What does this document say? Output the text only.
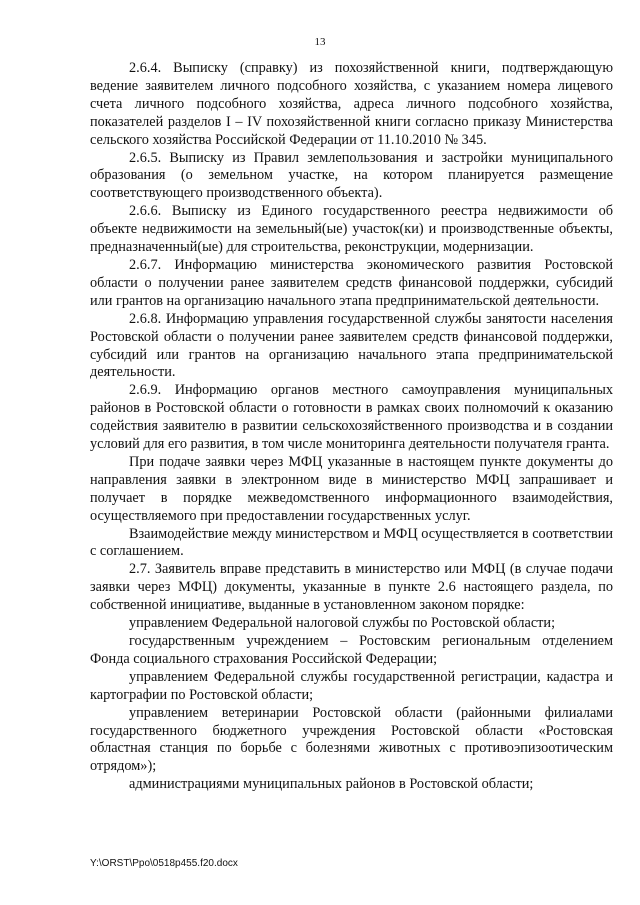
13

2.6.4. Выписку (справку) из похозяйственной книги, подтверждающую ведение заявителем личного подсобного хозяйства, с указанием номера лицевого счета личного подсобного хозяйства, адреса личного подсобного хозяйства, показателей разделов I – IV похозяйственной книги согласно приказу Министерства сельского хозяйства Российской Федерации от 11.10.2010 № 345.

2.6.5. Выписку из Правил землепользования и застройки муниципального образования (о земельном участке, на котором планируется размещение соответствующего производственного объекта).

2.6.6. Выписку из Единого государственного реестра недвижимости об объекте недвижимости на земельный(ые) участок(ки) и производственные объекты, предназначенный(ые) для строительства, реконструкции, модернизации.

2.6.7. Информацию министерства экономического развития Ростовской области о получении ранее заявителем средств финансовой поддержки, субсидий или грантов на организацию начального этапа предпринимательской деятельности.

2.6.8. Информацию управления государственной службы занятости населения Ростовской области о получении ранее заявителем средств финансовой поддержки, субсидий или грантов на организацию начального этапа предпринимательской деятельности.

2.6.9. Информацию органов местного самоуправления муниципальных районов в Ростовской области о готовности в рамках своих полномочий к оказанию содействия заявителю в развитии сельскохозяйственного производства и в создании условий для его развития, в том числе мониторинга деятельности получателя гранта.

При подаче заявки через МФЦ указанные в настоящем пункте документы до направления заявки в электронном виде в министерство МФЦ запрашивает и получает в порядке межведомственного информационного взаимодействия, осуществляемого при предоставлении государственных услуг.

Взаимодействие между министерством и МФЦ осуществляется в соответствии с соглашением.

2.7. Заявитель вправе представить в министерство или МФЦ (в случае подачи заявки через МФЦ) документы, указанные в пункте 2.6 настоящего раздела, по собственной инициативе, выданные в установленном законом порядке:

управлением Федеральной налоговой службы по Ростовской области;

государственным учреждением – Ростовским региональным отделением Фонда социального страхования Российской Федерации;

управлением Федеральной службы государственной регистрации, кадастра и картографии по Ростовской области;

управлением ветеринарии Ростовской области (районными филиалами государственного бюджетного учреждения Ростовской области «Ростовская областная станция по борьбе с болезнями животных с противоэпизоотическим отрядом»);

администрациями муниципальных районов в Ростовской области;

Y:\ORST\Ppo\0518p455.f20.docx
